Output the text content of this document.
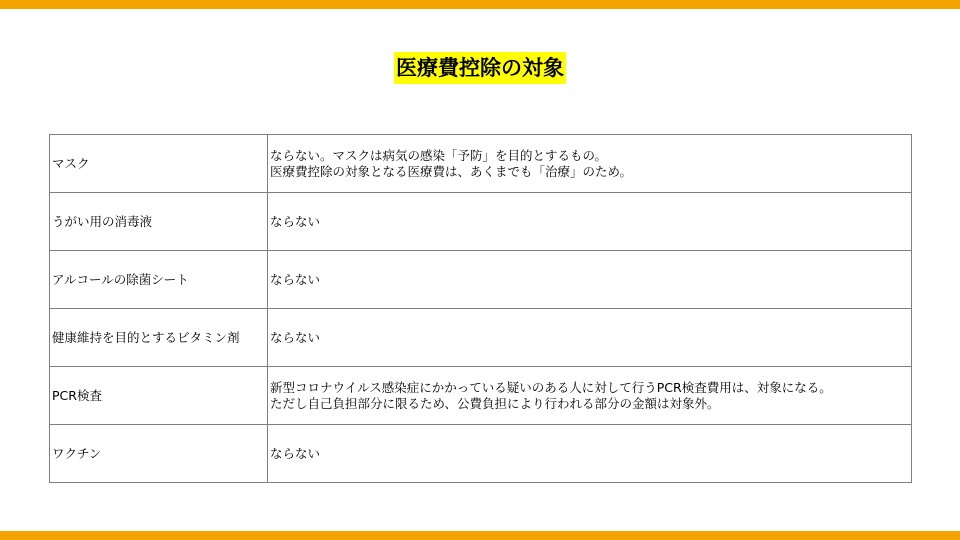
医療費控除の対象
マスク	ならない。マスクは病気の感染「予防」を目的とするもの。
医療費控除の対象となる医療費は、あくまでも「治療」のため。

うがい用の消毒液	ならない

アルコールの除菌シート	ならない

健康維持を目的とするビタミン剤	ならない

PCR検査	新型コロナウイルス感染症にかかっている疑いのある人に対して行うPCR検査費用は、対象になる。
ただし自己負担部分に限るため、公費負担により行われる部分の金額は対象外。

ワクチン	ならない
